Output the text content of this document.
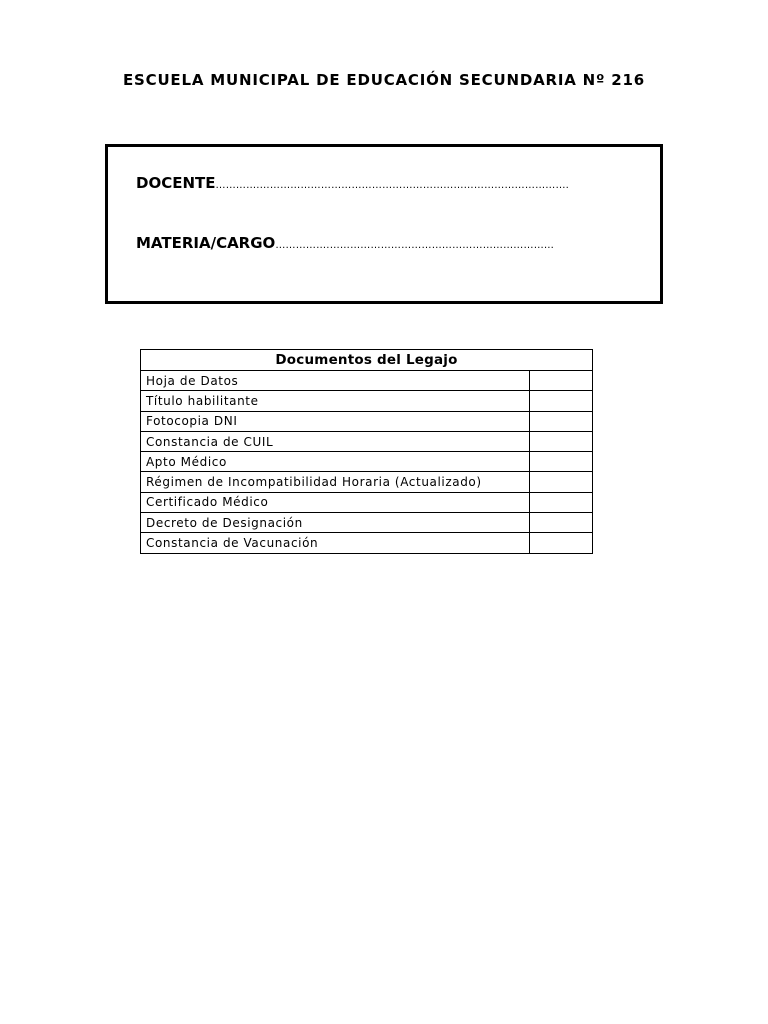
ESCUELA MUNICIPAL DE EDUCACIÓN SECUNDARIA Nº 216
DOCENTE………….……………………………………………………………………………….
MATERIA/CARGO…………….…………………………………………………………
Documentos del Legajo	
Hoja de Datos	
Título habilitante	
Fotocopia DNI	
Constancia de CUIL	
Apto Médico	
Régimen de Incompatibilidad Horaria (Actualizado)	
Certificado Médico	
Decreto de Designación	
Constancia de Vacunación	
